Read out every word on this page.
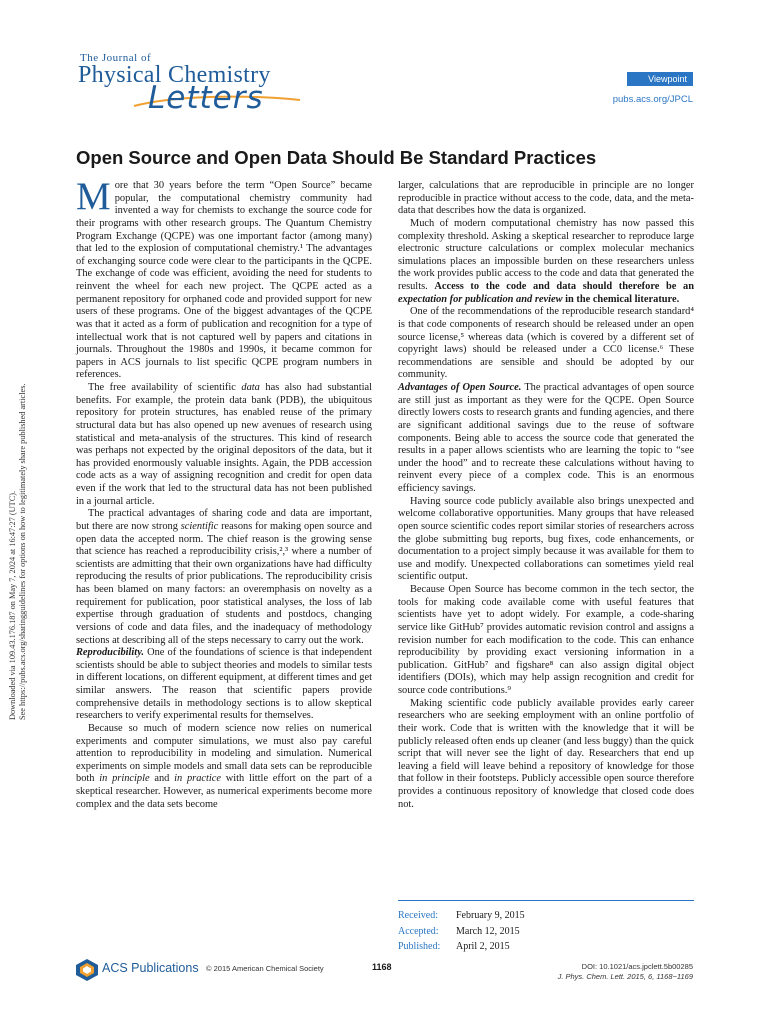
The Journal of
Physical Chemistry
Letters
Viewpoint
pubs.acs.org/JPCL
Open Source and Open Data Should Be Standard Practices
Downloaded via 109.43.176.187 on May 7, 2024 at 16:47:27 (UTC). See https://pubs.acs.org/sharingguidelines for options on how to legitimately share published articles.

More that 30 years before the term “Open Source” became popular, the computational chemistry community had invented a way for chemists to exchange the source code for their programs with other research groups. The Quantum Chemistry Program Exchange (QCPE) was one important factor (among many) that led to the explosion of computational chemistry.¹ The advantages of exchanging source code were clear to the participants in the QCPE. The exchange of code was efficient, avoiding the need for students to reinvent the wheel for each new project. The QCPE acted as a permanent repository for orphaned code and provided support for new users of these programs. One of the biggest advantages of the QCPE was that it acted as a form of publication and recognition for a type of intellectual work that is not captured well by papers and citations in journals. Throughout the 1980s and 1990s, it became common for papers in ACS journals to list specific QCPE program numbers in references.

The free availability of scientific data has also had substantial benefits. For example, the protein data bank (PDB), the ubiquitous repository for protein structures, has enabled reuse of the primary structural data but has also opened up new avenues of research using statistical and meta-analysis of the structures. This kind of research was perhaps not expected by the original depositors of the data, but it has provided enormously valuable insights. Again, the PDB accession code acts as a way of assigning recognition and credit for open data even if the work that led to the structural data has not been published in a journal article.

The practical advantages of sharing code and data are important, but there are now strong scientific reasons for making open source and open data the accepted norm. The chief reason is the growing sense that science has reached a reproducibility crisis,²,³ where a number of scientists are admitting that their own organizations have had difficulty reproducing the results of prior publications. The reproducibility crisis has been blamed on many factors: an overemphasis on novelty as a requirement for publication, poor statistical analyses, the loss of lab expertise through graduation of students and postdocs, changing versions of code and data files, and the inadequacy of methodology sections at describing all of the steps necessary to carry out the work.

Reproducibility. One of the foundations of science is that independent scientists should be able to subject theories and models to similar tests in different locations, on different equipment, at different times and get similar answers. The reason that scientific papers provide comprehensive details in methodology sections is to allow skeptical researchers to verify experimental results for themselves.

Because so much of modern science now relies on numerical experiments and computer simulations, we must also pay careful attention to reproducibility in modeling and simulation. Numerical experiments on simple models and small data sets can be reproducible both in principle and in practice with little effort on the part of a skeptical researcher. However, as numerical experiments become more complex and the data sets become

larger, calculations that are reproducible in principle are no longer reproducible in practice without access to the code, data, and the meta-data that describes how the data is organized.

Much of modern computational chemistry has now passed this complexity threshold. Asking a skeptical researcher to reproduce large electronic structure calculations or complex molecular mechanics simulations places an impossible burden on these researchers unless the work provides public access to the code and data that generated the results. Access to the code and data should therefore be an expectation for publication and review in the chemical literature.

One of the recommendations of the reproducible research standard⁴ is that code components of research should be released under an open source license,⁵ whereas data (which is covered by a different set of copyright laws) should be released under a CC0 license.⁶ These recommendations are sensible and should be adopted by our community.

Advantages of Open Source. The practical advantages of open source are still just as important as they were for the QCPE. Open Source directly lowers costs to research grants and funding agencies, and there are significant additional savings due to the reuse of software components. Being able to access the source code that generated the results in a paper allows scientists who are learning the topic to “see under the hood” and to recreate these calculations without having to reinvent every piece of a complex code. This is an enormous efficiency savings.

Having source code publicly available also brings unexpected and welcome collaborative opportunities. Many groups that have released open source scientific codes report similar stories of researchers across the globe submitting bug reports, bug fixes, code enhancements, or documentation to a project simply because it was available for them to use and modify. Unexpected collaborations can sometimes yield real scientific output.

Because Open Source has become common in the tech sector, the tools for making code available come with useful features that scientists have yet to adopt widely. For example, a code-sharing service like GitHub⁷ provides automatic revision control and assigns a revision number for each modification to the code. This can enhance reproducibility by providing exact versioning information in a publication. GitHub⁷ and figshare⁸ can also assign digital object identifiers (DOIs), which may help assign recognition and credit for source code contributions.⁹

Making scientific code publicly available provides early career researchers who are seeking employment with an online portfolio of their work. Code that is written with the knowledge that it will be publicly released often ends up cleaner (and less buggy) than the quick script that will never see the light of day. Researchers that end up leaving a field will leave behind a repository of knowledge for those that follow in their footsteps. Publicly accessible open source therefore provides a continuous repository of knowledge that closed code does not.

Received:	February 9, 2015
Accepted:	March 12, 2015
Published:	April 2, 2015
ACS Publications © 2015 American Chemical Society	1168	DOI: 10.1021/acs.jpclett.5b00285
J. Phys. Chem. Lett. 2015, 6, 1168−1169
